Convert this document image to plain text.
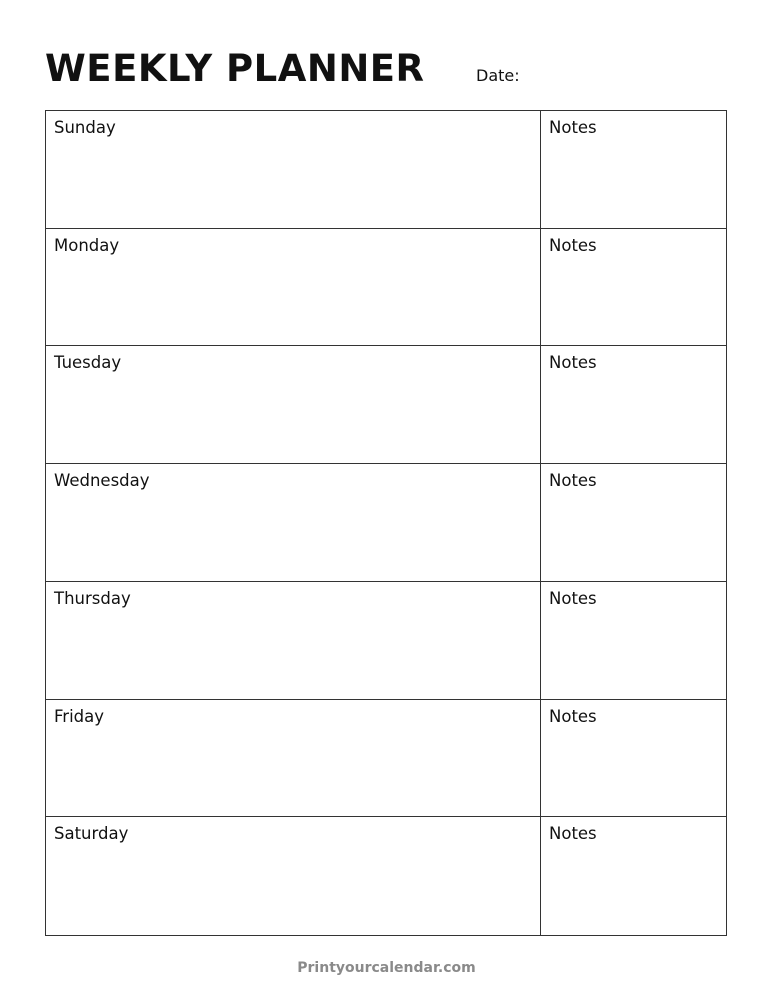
WEEKLY PLANNER	Date:
Sunday	Notes
Monday	Notes
Tuesday	Notes
Wednesday	Notes
Thursday	Notes
Friday	Notes
Saturday	Notes
Printyourcalendar.com
